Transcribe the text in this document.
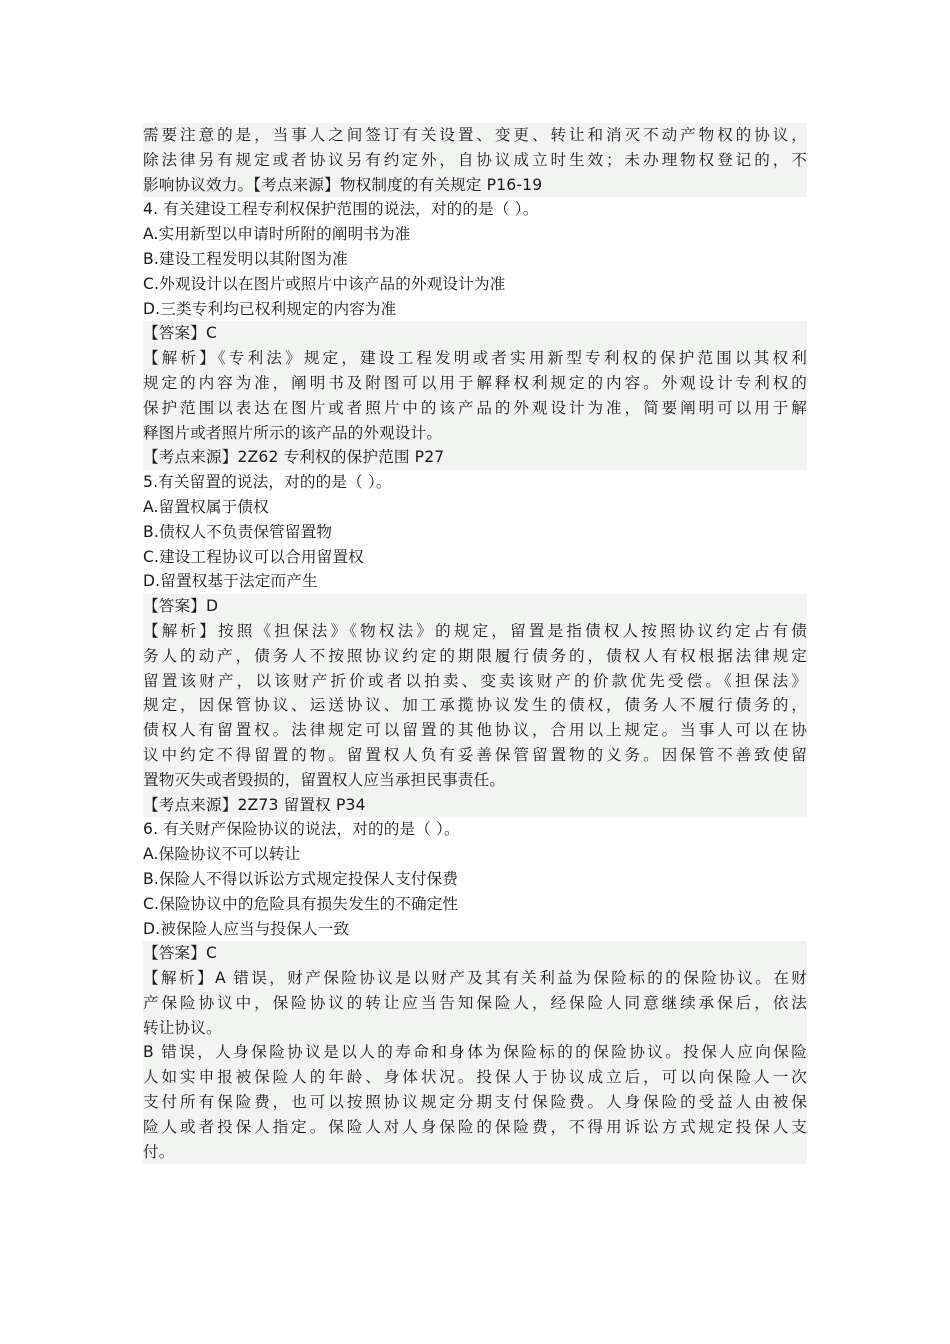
需要注意的是，当事人之间签订有关设置、变更、转让和消灭不动产物权的协议，
除法律另有规定或者协议另有约定外，自协议成立时生效；未办理物权登记的，不
影响协议效力。【考点来源】物权制度的有关规定 P16-19
4. 有关建设工程专利权保护范围的说法，对的的是（ ）。
A.实用新型以申请时所附的阐明书为准
B.建设工程发明以其附图为准
C.外观设计以在图片或照片中该产品的外观设计为准
D.三类专利均已权利规定的内容为准
【答案】C
【解析】《专利法》规定，建设工程发明或者实用新型专利权的保护范围以其权利
规定的内容为准，阐明书及附图可以用于解释权利规定的内容。外观设计专利权的
保护范围以表达在图片或者照片中的该产品的外观设计为准，简要阐明可以用于解
释图片或者照片所示的该产品的外观设计。
【考点来源】2Z62 专利权的保护范围 P27
5.有关留置的说法，对的的是（ ）。
A.留置权属于债权
B.债权人不负责保管留置物
C.建设工程协议可以合用留置权
D.留置权基于法定而产生
【答案】D
【解析】按照《担保法》《物权法》的规定，留置是指债权人按照协议约定占有债
务人的动产，债务人不按照协议约定的期限履行债务的，债权人有权根据法律规定
留置该财产，以该财产折价或者以拍卖、变卖该财产的价款优先受偿。《担保法》
规定，因保管协议、运送协议、加工承揽协议发生的债权，债务人不履行债务的，
债权人有留置权。法律规定可以留置的其他协议，合用以上规定。当事人可以在协
议中约定不得留置的物。留置权人负有妥善保管留置物的义务。因保管不善致使留
置物灭失或者毁损的，留置权人应当承担民事责任。
【考点来源】2Z73 留置权 P34
6. 有关财产保险协议的说法，对的的是（ ）。
A.保险协议不可以转让
B.保险人不得以诉讼方式规定投保人支付保费
C.保险协议中的危险具有损失发生的不确定性
D.被保险人应当与投保人一致
【答案】C
【解析】A 错误，财产保险协议是以财产及其有关利益为保险标的的保险协议。在财
产保险协议中，保险协议的转让应当告知保险人，经保险人同意继续承保后，依法
转让协议。
B 错误，人身保险协议是以人的寿命和身体为保险标的的保险协议。投保人应向保险
人如实申报被保险人的年龄、身体状况。投保人于协议成立后，可以向保险人一次
支付所有保险费，也可以按照协议规定分期支付保险费。人身保险的受益人由被保
险人或者投保人指定。保险人对人身保险的保险费，不得用诉讼方式规定投保人支
付。
